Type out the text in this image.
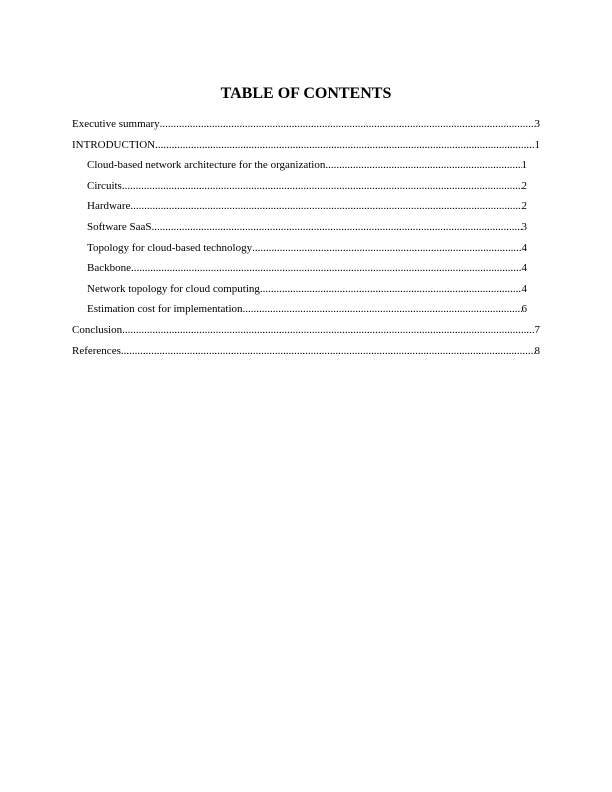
TABLE OF CONTENTS
Executive summary .....	3
INTRODUCTION .....	1
Cloud-based network architecture for the organization .....	1
Circuits .....	2
Hardware .....	2
Software SaaS .....	3
Topology for cloud-based technology .....	4
Backbone .....	4
Network topology for cloud computing .....	4
Estimation cost for implementation .....	6
Conclusion .....	7
References .....	8
